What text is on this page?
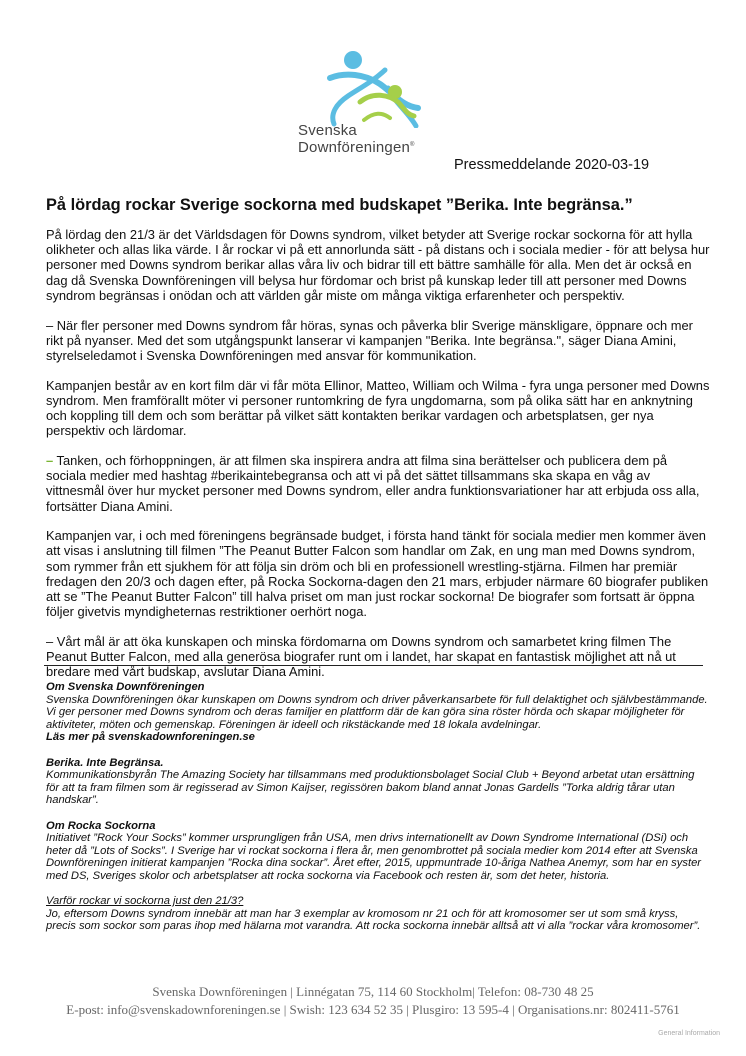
Svenska
Downföreningen®
Pressmeddelande 2020-03-19
På lördag rockar Sverige sockorna med budskapet ”Berika. Inte begränsa.”

På lördag den 21/3 är det Världsdagen för Downs syndrom, vilket betyder att Sverige rockar sockorna för att hylla olikheter och allas lika värde. I år rockar vi på ett annorlunda sätt - på distans och i sociala medier - för att belysa hur personer med Downs syndrom berikar allas våra liv och bidrar till ett bättre samhälle för alla. Men det är också en dag då Svenska Downföreningen vill belysa hur fördomar och brist på kunskap leder till att personer med Downs syndrom begränsas i onödan och att världen går miste om många viktiga erfarenheter och perspektiv.

– När fler personer med Downs syndrom får höras, synas och påverka blir Sverige mänskligare, öppnare och mer rikt på nyanser. Med det som utgångspunkt lanserar vi kampanjen "Berika. Inte begränsa.", säger Diana Amini, styrelseledamot i Svenska Downföreningen med ansvar för kommunikation.

Kampanjen består av en kort film där vi får möta Ellinor, Matteo, William och Wilma - fyra unga personer med Downs syndrom. Men framförallt möter vi personer runtomkring de fyra ungdomarna, som på olika sätt har en anknytning och koppling till dem och som berättar på vilket sätt kontakten berikar vardagen och arbetsplatsen, ger nya perspektiv och lärdomar.

– Tanken, och förhoppningen, är att filmen ska inspirera andra att filma sina berättelser och publicera dem på sociala medier med hashtag #berikaintebegransa och att vi på det sättet tillsammans ska skapa en våg av vittnesmål över hur mycket personer med Downs syndrom, eller andra funktionsvariationer har att erbjuda oss alla, fortsätter Diana Amini.

Kampanjen var, i och med föreningens begränsade budget, i första hand tänkt för sociala medier men kommer även att visas i anslutning till filmen ”The Peanut Butter Falcon som handlar om Zak, en ung man med Downs syndrom, som rymmer från ett sjukhem för att följa sin dröm och bli en professionell wrestling-stjärna. Filmen har premiär fredagen den 20/3 och dagen efter, på Rocka Sockorna-dagen den 21 mars, erbjuder närmare 60 biografer publiken att se ”The Peanut Butter Falcon” till halva priset om man just rockar sockorna! De biografer som fortsatt är öppna följer givetvis myndigheternas restriktioner oerhört noga.

– Vårt mål är att öka kunskapen och minska fördomarna om Downs syndrom och samarbetet kring filmen The Peanut Butter Falcon, med alla generösa biografer runt om i landet, har skapat en fantastisk möjlighet att nå ut bredare med vårt budskap, avslutar Diana Amini.

Om Svenska Downföreningen
Svenska Downföreningen ökar kunskapen om Downs syndrom och driver påverkansarbete för full delaktighet och självbestämmande. Vi ger personer med Downs syndrom och deras familjer en plattform där de kan göra sina röster hörda och skapar möjligheter för aktiviteter, möten och gemenskap. Föreningen är ideell och rikstäckande med 18 lokala avdelningar.
Läs mer på svenskadownforeningen.se
Berika. Inte Begränsa.
Kommunikationsbyrån The Amazing Society har tillsammans med produktionsbolaget Social Club + Beyond arbetat utan ersättning för att ta fram filmen som är regisserad av Simon Kaijser, regissören bakom bland annat Jonas Gardells ”Torka aldrig tårar utan handskar”.
Om Rocka Sockorna
Initiativet ”Rock Your Socks” kommer ursprungligen från USA, men drivs internationellt av Down Syndrome International (DSi) och heter då ”Lots of Socks”. I Sverige har vi rockat sockorna i flera år, men genombrottet på sociala medier kom 2014 efter att Svenska Downföreningen initierat kampanjen ”Rocka dina sockar”. Året efter, 2015, uppmuntrade 10-åriga Nathea Anemyr, som har en syster med DS, Sveriges skolor och arbetsplatser att rocka sockorna via Facebook och resten är, som det heter, historia.
Varför rockar vi sockorna just den 21/3?
Jo, eftersom Downs syndrom innebär att man har 3 exemplar av kromosom nr 21 och för att kromosomer ser ut som små kryss, precis som sockor som paras ihop med hälarna mot varandra. Att rocka sockorna innebär alltså att vi alla ”rockar våra kromosomer”.
Svenska Downföreningen | Linnégatan 75, 114 60 Stockholm| Telefon: 08-730 48 25
E-post: info@svenskadownforeningen.se | Swish: 123 634 52 35 | Plusgiro: 13 595-4 | Organisations.nr: 802411-5761
General Information
